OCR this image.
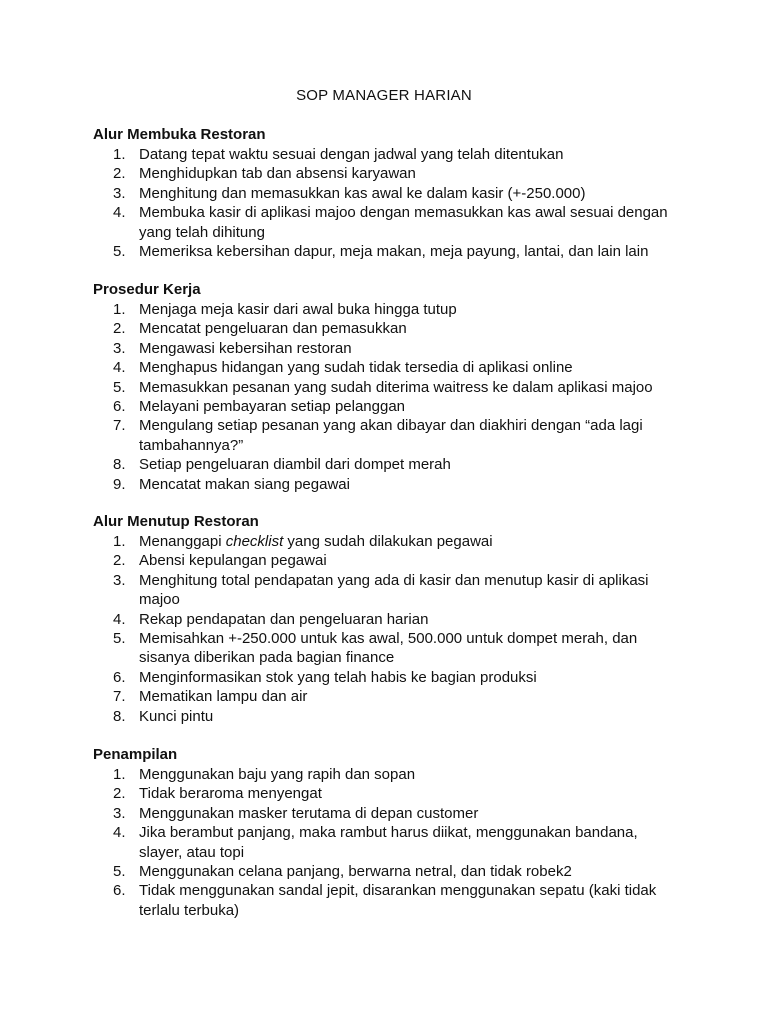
SOP MANAGER HARIAN
Alur Membuka Restoran
1. Datang tepat waktu sesuai dengan jadwal yang telah ditentukan
2. Menghidupkan tab dan absensi karyawan
3. Menghitung dan memasukkan kas awal ke dalam kasir (+-250.000)
4. Membuka kasir di aplikasi majoo dengan memasukkan kas awal sesuai dengan yang telah dihitung
5. Memeriksa kebersihan dapur, meja makan, meja payung, lantai, dan lain lain
Prosedur Kerja
1. Menjaga meja kasir dari awal buka hingga tutup
2. Mencatat pengeluaran dan pemasukkan
3. Mengawasi kebersihan restoran
4. Menghapus hidangan yang sudah tidak tersedia di aplikasi online
5. Memasukkan pesanan yang sudah diterima waitress ke dalam aplikasi majoo
6. Melayani pembayaran setiap pelanggan
7. Mengulang setiap pesanan yang akan dibayar dan diakhiri dengan “ada lagi tambahannya?”
8. Setiap pengeluaran diambil dari dompet merah
9. Mencatat makan siang pegawai
Alur Menutup Restoran
1. Menanggapi checklist yang sudah dilakukan pegawai
2. Abensi kepulangan pegawai
3. Menghitung total pendapatan yang ada di kasir dan menutup kasir di aplikasi majoo
4. Rekap pendapatan dan pengeluaran harian
5. Memisahkan +-250.000 untuk kas awal, 500.000 untuk dompet merah, dan sisanya diberikan pada bagian finance
6. Menginformasikan stok yang telah habis ke bagian produksi
7. Mematikan lampu dan air
8. Kunci pintu
Penampilan
1. Menggunakan baju yang rapih dan sopan
2. Tidak beraroma menyengat
3. Menggunakan masker terutama di depan customer
4. Jika berambut panjang, maka rambut harus diikat, menggunakan bandana, slayer, atau topi
5. Menggunakan celana panjang, berwarna netral, dan tidak robek2
6. Tidak menggunakan sandal jepit, disarankan menggunakan sepatu (kaki tidak terlalu terbuka)
